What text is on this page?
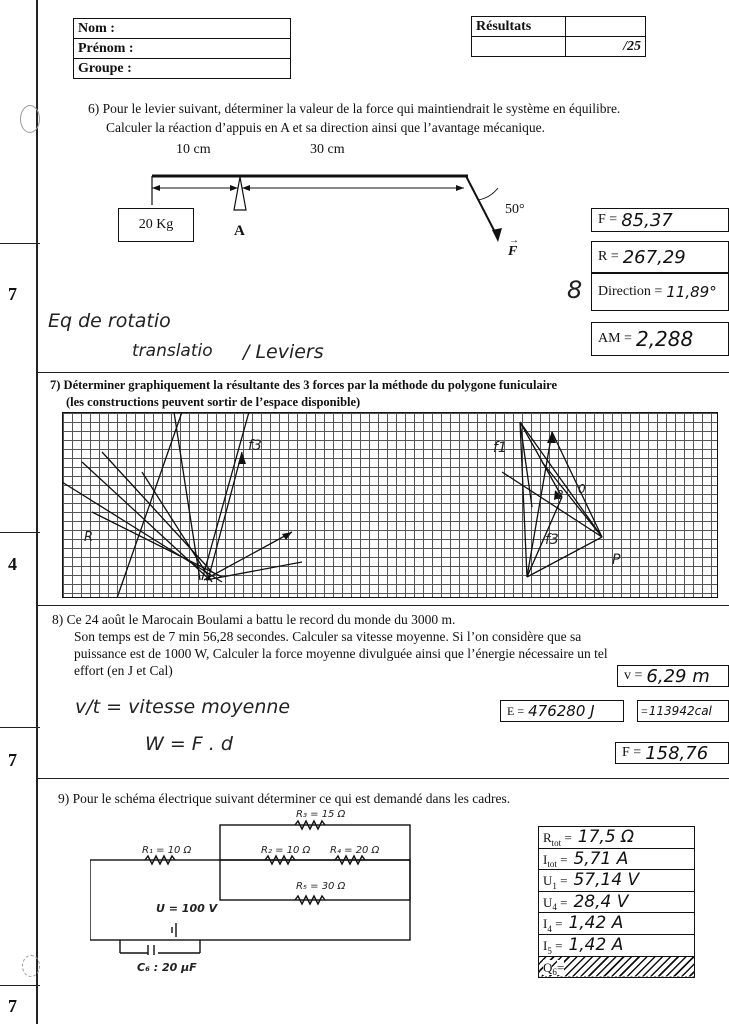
Nom :
Prénom :
Groupe :
Résultats	
	/25
6) Pour le levier suivant, déterminer la valeur de la force qui maintiendrait le système en équilibre.
Calculer la réaction d’appuis en A et sa direction ainsi que l’avantage mécanique.
10 cm	30 cm
20 Kg	A
50°
F
→
F = 85,37
R = 267,29
Direction = 11,89°
AM = 2,288
8
Eq de rotatio
translatio / Leviers
7
7) Déterminer graphiquement la résultante des 3 forces par la méthode du polygone funiculaire
(les constructions peuvent sortir de l’espace disponible)
f3
R
f1
f3
P
0
2
4
8) Ce 24 août le Marocain Boulami a battu le record du monde du 3000 m.
Son temps est de 7 min 56,28 secondes. Calculer sa vitesse moyenne. Si l’on considère que sa
puissance est de 1000 W, Calculer la force moyenne divulguée ainsi que l’énergie nécessaire un tel
effort (en J et Cal)
v/t = vitesse moyenne
W = F . d
v = 6,29 m
E = 476280 J	= 113942cal
F = 158,76
7
9) Pour le schéma électrique suivant déterminer ce qui est demandé dans les cadres.
R₁ = 10 Ω	R₂ = 10 Ω
R₃ = 15 Ω
R₄ = 20 Ω
R₅ = 30 Ω
U = 100 V
C₆ : 20 µF
$R_{tot} = 17,5$ Ω
$I_{tot} = 5,71$ A
$U_1 = 57,14$ V
$U_4 = 28,4$ V
$I_4 = 1,42$ A
$I_5 = 1,42$ A
$Q_6=$
7
